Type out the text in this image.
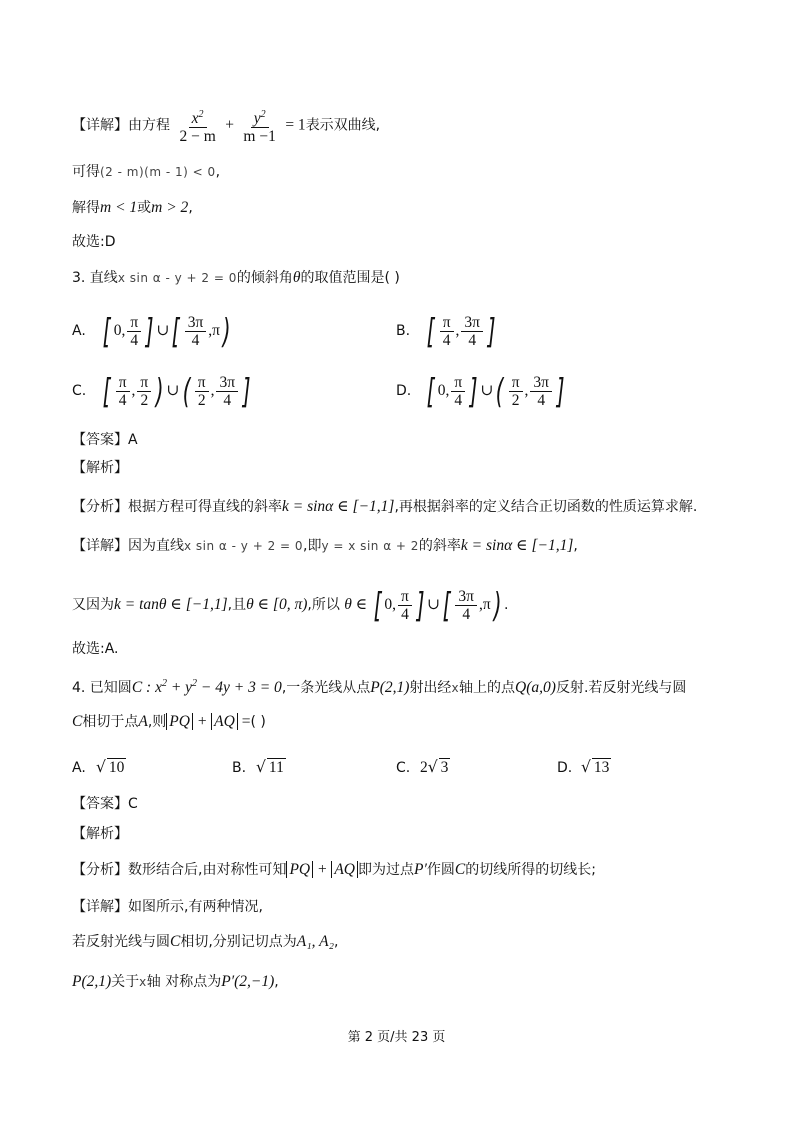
【详解】由方程 $\frac{x^2}{2 - m} + \frac{y^2}{m -1} = 1$表示双曲线,
可得(2 - m)(m - 1) < 0,
解得m < 1或m > 2,
故选:D
3. 直线x sin α - y + 2 = 0的倾斜角θ的取值范围是( )
A. [ 0, $\frac{\pi}{4}$ ] ∪[ $\frac{3\pi}{4} ,\pi$)	B. [ $\frac{\pi}{4}$ , $\frac{3\pi}{4}$ ]
C. [ $\frac{\pi}{4}$ , $\frac{\pi}{2}$ ) ∪( $\frac{\pi}{2}$ , $\frac{3\pi}{4}$ ]	D. [ 0, $\frac{\pi}{4}$ ] ∪( $\frac{\pi}{2}$ , $\frac{3\pi}{4}$ ]
【答案】A
【解析】
【分析】根据方程可得直线的斜率k = sinα ∈ [−1,1],再根据斜率的定义结合正切函数的性质运算求解.
【详解】因为直线x sin α - y + 2 = 0,即y = x sin α + 2的斜率k = sinα ∈ [−1,1],
又因为k = tanθ ∈ [−1,1],且θ ∈ [0, π),所以 θ ∈ [ 0, $\frac{\pi}{4}$ ] ∪[ $\frac{3\pi}{4} ,\pi$) .
故选:A.
4. 已知圆C : $x^2 + y^2 - 4y + 3 = 0$,一条光线从点P(2,1)射出经x轴上的点Q(a,0)反射.若反射光线与圆
C相切于点A,则 PQ + AQ =( )
A. √ 10	B. √ 11	C. 2√ 3	D. √ 13
【答案】C
【解析】
【分析】数形结合后,由对称性可知 PQ + AQ 即为过点P′作圆C的切线所得的切线长;
【详解】如图所示,有两种情况,
若反射光线与圆C相切,分别记切点为A₁, A₂,
P(2,1)关于x轴 对称点为P′(2,−1),
第 2 页/共 23 页
